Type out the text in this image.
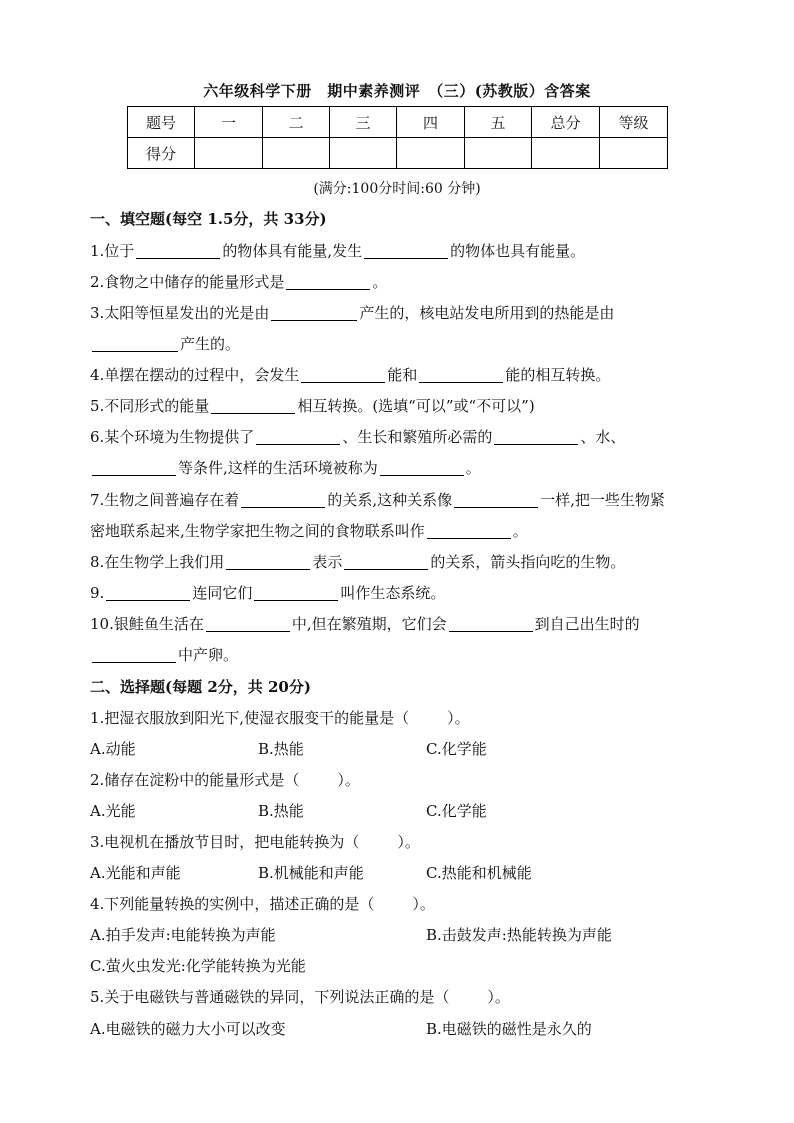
六年级科学下册　期中素养测评　（三）(苏教版）含答案
题号	一	二	三	四	五	总分	等级
得分							
(满分:100分时间:60 分钟)
一、填空题(每空 1.5分，共 33分)
1.位于	的物体具有能量,发生	的物体也具有能量。
2.食物之中储存的能量形式是	。
3.太阳等恒星发出的光是由	产生的，核电站发电所用到的热能是由
产生的。
4.单摆在摆动的过程中，会发生	能和	能的相互转换。
5.不同形式的能量	相互转换。(选填“可以”或“不可以”)
6.某个环境为生物提供了	、生长和繁殖所必需的	、水、
等条件,这样的生活环境被称为	。
7.生物之间普遍存在着	的关系,这种关系像	一样,把一些生物紧
密地联系起来,生物学家把生物之间的食物联系叫作	。
8.在生物学上我们用	表示	的关系，箭头指向吃的生物。
9.	连同它们	叫作生态系统。
10.银鲑鱼生活在	中,但在繁殖期，它们会	到自己出生时的
中产卵。
二、选择题(每题 2分，共 20分)
1.把湿衣服放到阳光下,使湿衣服变干的能量是（	）。
A.动能	B.热能	C.化学能
2.储存在淀粉中的能量形式是（	）。
A.光能	B.热能	C.化学能
3.电视机在播放节目时，把电能转换为（	）。
A.光能和声能	B.机械能和声能	C.热能和机械能
4.下列能量转换的实例中，描述正确的是（	）。
A.拍手发声:电能转换为声能	B.击鼓发声:热能转换为声能
C.萤火虫发光:化学能转换为光能
5.关于电磁铁与普通磁铁的异同，下列说法正确的是（	）。
A.电磁铁的磁力大小可以改变	B.电磁铁的磁性是永久的
